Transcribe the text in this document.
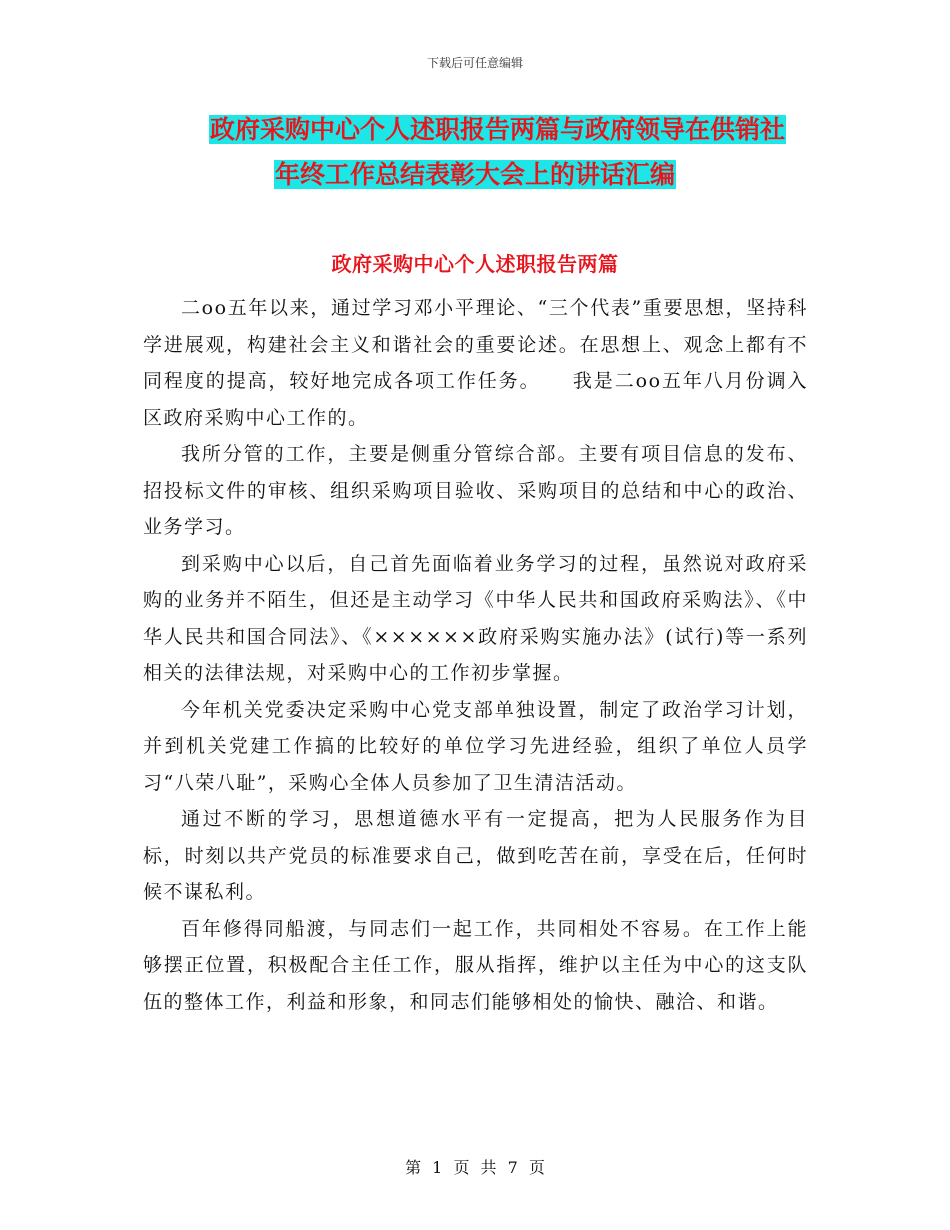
下载后可任意编辑
政府采购中心个人述职报告两篇与政府领导在供销社
年终工作总结表彰大会上的讲话汇编
政府采购中心个人述职报告两篇

二oo五年以来，通过学习邓小平理论、“三个代表”重要思想，坚持科学进展观，构建社会主义和谐社会的重要论述。在思想上、观念上都有不同程度的提高，较好地完成各项工作任务。　　我是二oo五年八月份调入区政府采购中心工作的。

我所分管的工作，主要是侧重分管综合部。主要有项目信息的发布、招投标文件的审核、组织采购项目验收、采购项目的总结和中心的政治、业务学习。

到采购中心以后，自己首先面临着业务学习的过程，虽然说对政府采购的业务并不陌生，但还是主动学习《中华人民共和国政府采购法》、《中华人民共和国合同法》、《××××××政府采购实施办法》(试行)等一系列相关的法律法规，对采购中心的工作初步掌握。

今年机关党委决定采购中心党支部单独设置，制定了政治学习计划，并到机关党建工作搞的比较好的单位学习先进经验，组织了单位人员学习“八荣八耻”，采购心全体人员参加了卫生清洁活动。

通过不断的学习，思想道德水平有一定提高，把为人民服务作为目标，时刻以共产党员的标准要求自己，做到吃苦在前，享受在后，任何时候不谋私利。

百年修得同船渡，与同志们一起工作，共同相处不容易。在工作上能够摆正位置，积极配合主任工作，服从指挥，维护以主任为中心的这支队伍的整体工作，利益和形象，和同志们能够相处的愉快、融洽、和谐。

第 1 页 共 7 页
